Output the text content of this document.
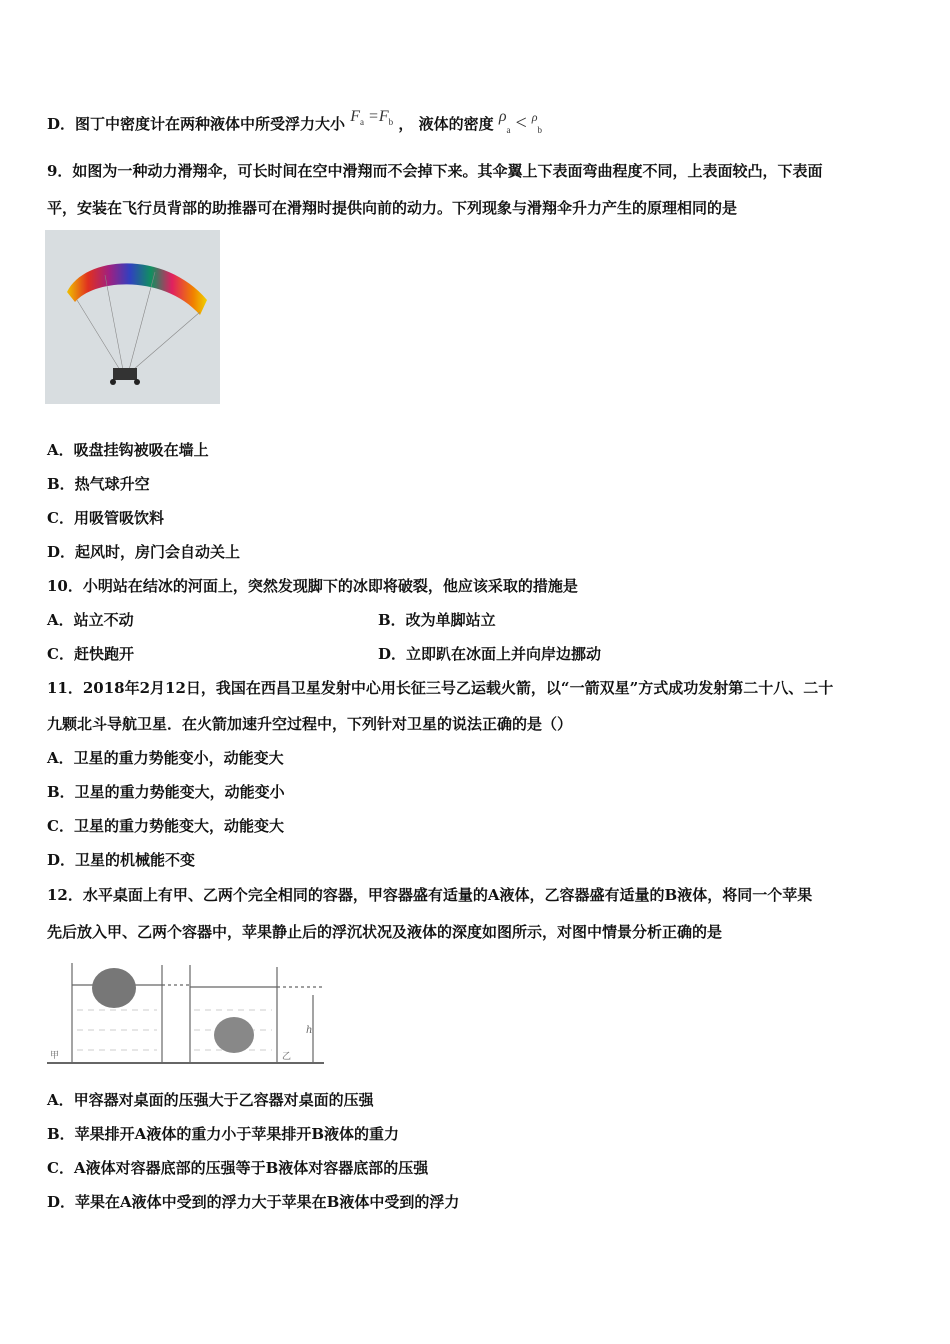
D．图丁中密度计在两种液体中所受浮力大小 $F_a =F_b$ ， 液体的密度 $\rho_a < ^\rho_b$
9．如图为一种动力滑翔伞，可长时间在空中滑翔而不会掉下来。其伞翼上下表面弯曲程度不同，上表面较凸，下表面
平，安装在飞行员背部的助推器可在滑翔时提供向前的动力。下列现象与滑翔伞升力产生的原理相同的是
A．吸盘挂钩被吸在墙上
B．热气球升空
C．用吸管吸饮料
D．起风时，房门会自动关上
10．小明站在结冰的河面上，突然发现脚下的冰即将破裂，他应该采取的措施是
A．站立不动	B．改为单脚站立
C．赶快跑开	D．立即趴在冰面上并向岸边挪动
11．2018年2月12日，我国在西昌卫星发射中心用长征三号乙运载火箭，以“一箭双星”方式成功发射第二十八、二十
九颗北斗导航卫星．在火箭加速升空过程中，下列针对卫星的说法正确的是（）
A．卫星的重力势能变小，动能变大
B．卫星的重力势能变大，动能变小
C．卫星的重力势能变大，动能变大
D．卫星的机械能不变
12．水平桌面上有甲、乙两个完全相同的容器，甲容器盛有适量的A液体，乙容器盛有适量的B液体，将同一个苹果
先后放入甲、乙两个容器中，苹果静止后的浮沉状况及液体的深度如图所示，对图中情景分析正确的是
甲	乙
h
A．甲容器对桌面的压强大于乙容器对桌面的压强
B．苹果排开A液体的重力小于苹果排开B液体的重力
C．A液体对容器底部的压强等于B液体对容器底部的压强
D．苹果在A液体中受到的浮力大于苹果在B液体中受到的浮力
